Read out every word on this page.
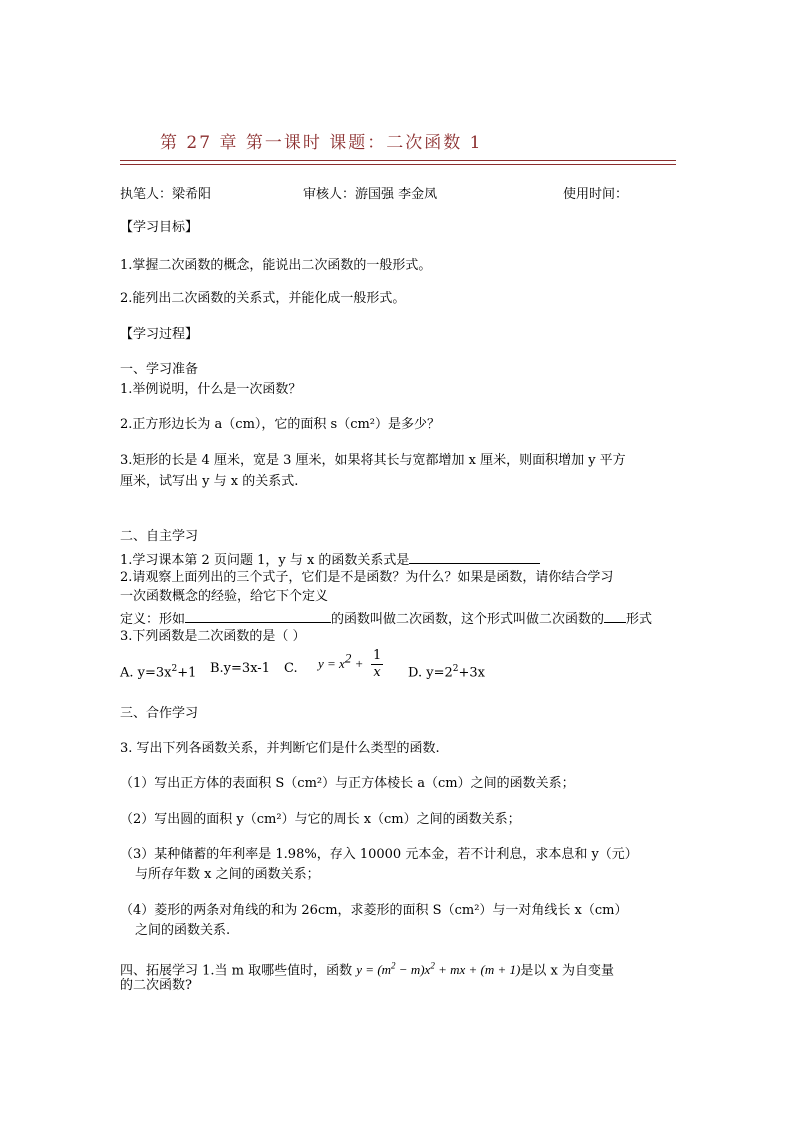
第 27 章 第一课时 课题：二次函数 1
执笔人：梁希阳	审核人：游国强 李金凤	使用时间：
【学习目标】
1.掌握二次函数的概念，能说出二次函数的一般形式。
2.能列出二次函数的关系式，并能化成一般形式。
【学习过程】
一、学习准备
1.举例说明，什么是一次函数？
2.正方形边长为 a（cm），它的面积 s（cm²）是多少？
3.矩形的长是 4 厘米，宽是 3 厘米，如果将其长与宽都增加 x 厘米，则面积增加 y 平方
厘米，试写出 y 与 x 的关系式.
二、自主学习
1.学习课本第 2 页问题 1，y 与 x 的函数关系式是
2.请观察上面列出的三个式子，它们是不是函数？为什么？如果是函数，请你结合学习
一次函数概念的经验，给它下个定义
定义：形如	的函数叫做二次函数，这个形式叫做二次函数的 形式
3.下列函数是二次函数的是（ ）
A. $y=3x^2+1$ B.y=3x-1 C. $y = x^2 + \frac{1}{x} D$. $y=2^2+3x$
三、合作学习
3. 写出下列各函数关系，并判断它们是什么类型的函数.
（1）写出正方体的表面积 S（cm²）与正方体棱长 a（cm）之间的函数关系；
（2）写出圆的面积 y（cm²）与它的周长 x（cm）之间的函数关系；
（3）某种储蓄的年利率是 1.98%，存入 10000 元本金，若不计利息，求本息和 y（元）
与所存年数 x 之间的函数关系；
（4）菱形的两条对角线的和为 26cm，求菱形的面积 S（cm²）与一对角线长 x（cm）
之间的函数关系.
四、拓展学习 1.当 m 取哪些值时，函数 $y = (m^2 - m)x^2$ + mx + (m + 1)是以 x 为自变量
的二次函数?
